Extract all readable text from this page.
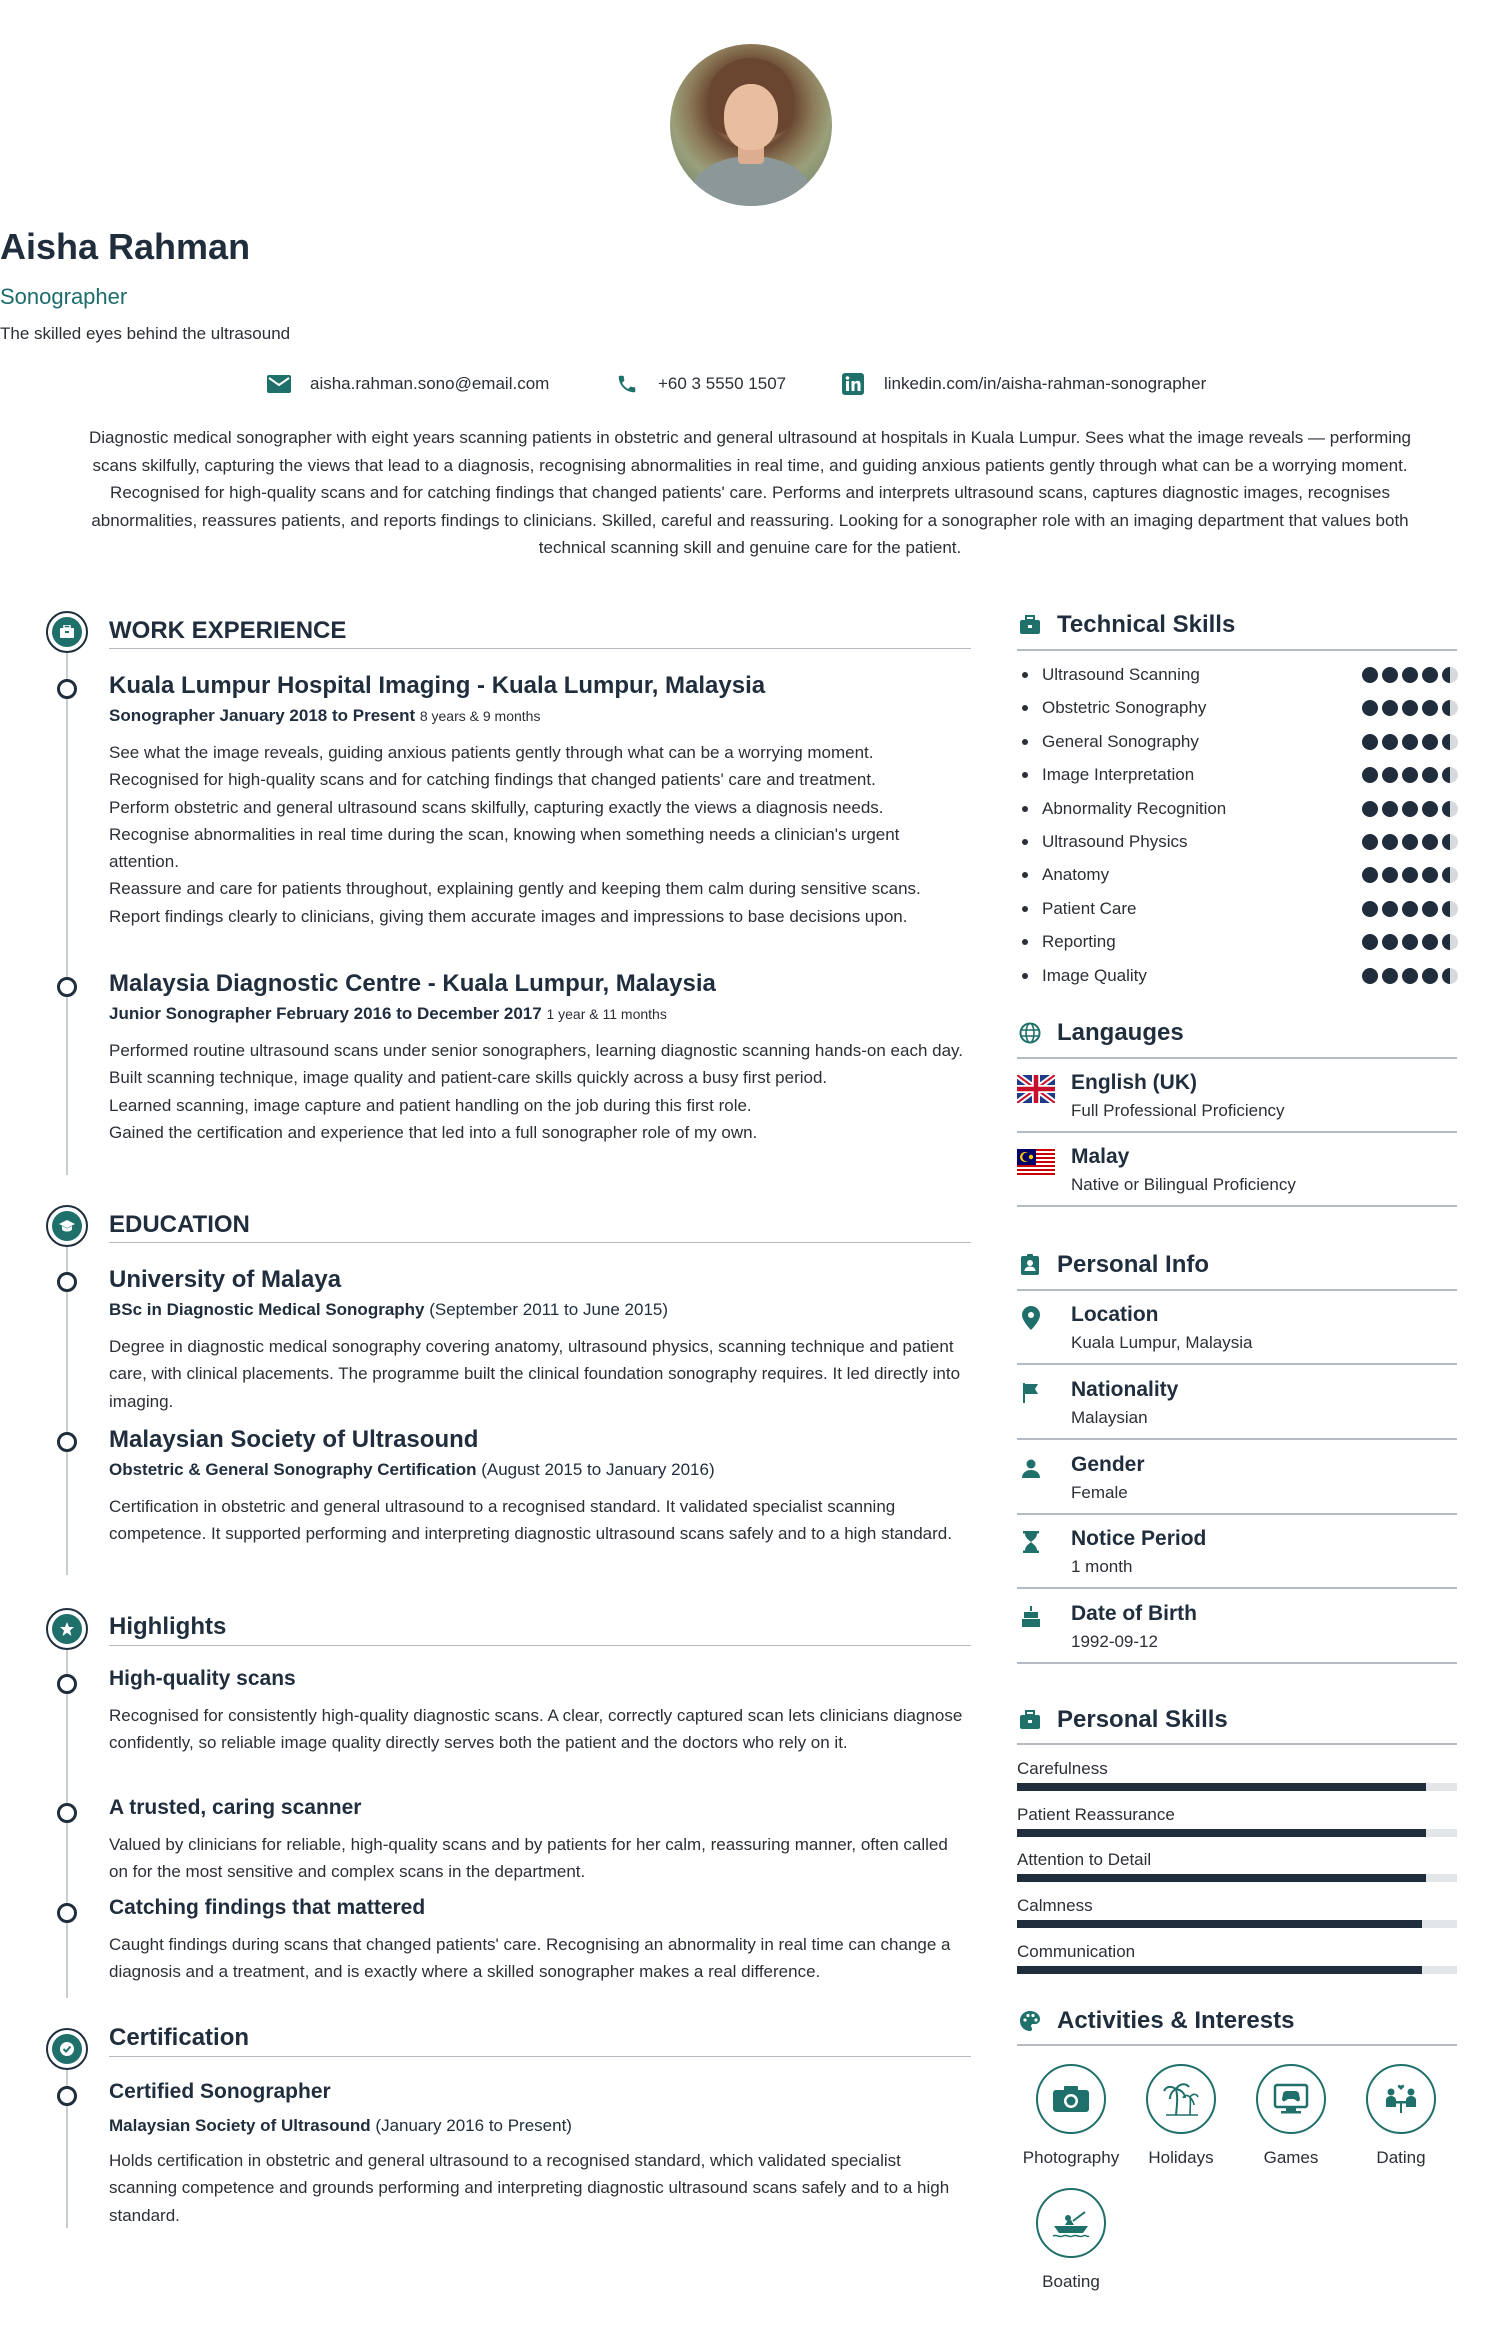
Aisha Rahman
Sonographer
The skilled eyes behind the ultrasound
aisha.rahman.sono@email.com	+60 3 5550 1507	linkedin.com/in/aisha-rahman-sonographer
Diagnostic medical sonographer with eight years scanning patients in obstetric and general ultrasound at hospitals in Kuala Lumpur. Sees what the image reveals — performing scans skilfully, capturing the views that lead to a diagnosis, recognising abnormalities in real time, and guiding anxious patients gently through what can be a worrying moment. Recognised for high-quality scans and for catching findings that changed patients' care. Performs and interprets ultrasound scans, captures diagnostic images, recognises abnormalities, reassures patients, and reports findings to clinicians. Skilled, careful and reassuring. Looking for a sonographer role with an imaging department that values both technical scanning skill and genuine care for the patient.
WORK EXPERIENCE
Kuala Lumpur Hospital Imaging - Kuala Lumpur, Malaysia
Sonographer January 2018 to Present 8 years & 9 months
See what the image reveals, guiding anxious patients gently through what can be a worrying moment.
Recognised for high-quality scans and for catching findings that changed patients' care and treatment.
Perform obstetric and general ultrasound scans skilfully, capturing exactly the views a diagnosis needs.
Recognise abnormalities in real time during the scan, knowing when something needs a clinician's urgent attention.
Reassure and care for patients throughout, explaining gently and keeping them calm during sensitive scans.
Report findings clearly to clinicians, giving them accurate images and impressions to base decisions upon.
Malaysia Diagnostic Centre - Kuala Lumpur, Malaysia
Junior Sonographer February 2016 to December 2017 1 year & 11 months
Performed routine ultrasound scans under senior sonographers, learning diagnostic scanning hands-on each day.
Built scanning technique, image quality and patient-care skills quickly across a busy first period.
Learned scanning, image capture and patient handling on the job during this first role.
Gained the certification and experience that led into a full sonographer role of my own.
EDUCATION
University of Malaya
BSc in Diagnostic Medical Sonography (September 2011 to June 2015)
Degree in diagnostic medical sonography covering anatomy, ultrasound physics, scanning technique and patient care, with clinical placements. The programme built the clinical foundation sonography requires. It led directly into imaging.
Malaysian Society of Ultrasound
Obstetric & General Sonography Certification (August 2015 to January 2016)
Certification in obstetric and general ultrasound to a recognised standard. It validated specialist scanning competence. It supported performing and interpreting diagnostic ultrasound scans safely and to a high standard.
Highlights
High-quality scans
Recognised for consistently high-quality diagnostic scans. A clear, correctly captured scan lets clinicians diagnose confidently, so reliable image quality directly serves both the patient and the doctors who rely on it.
A trusted, caring scanner
Valued by clinicians for reliable, high-quality scans and by patients for her calm, reassuring manner, often called on for the most sensitive and complex scans in the department.
Catching findings that mattered
Caught findings during scans that changed patients' care. Recognising an abnormality in real time can change a diagnosis and a treatment, and is exactly where a skilled sonographer makes a real difference.
Certification
Certified Sonographer
Malaysian Society of Ultrasound (January 2016 to Present)
Holds certification in obstetric and general ultrasound to a recognised standard, which validated specialist scanning competence and grounds performing and interpreting diagnostic ultrasound scans safely and to a high standard.
Technical Skills
Ultrasound Scanning
Obstetric Sonography
General Sonography
Image Interpretation
Abnormality Recognition
Ultrasound Physics
Anatomy
Patient Care
Reporting
Image Quality
Langauges
English (UK)
Full Professional Proficiency
Malay
Native or Bilingual Proficiency
Personal Info
Location
Kuala Lumpur, Malaysia
Nationality
Malaysian
Gender
Female
Notice Period
1 month
Date of Birth
1992-09-12
Personal Skills
Carefulness
Patient Reassurance
Attention to Detail
Calmness
Communication
Activities & Interests
Photography	Holidays	Games	Dating
Boating
